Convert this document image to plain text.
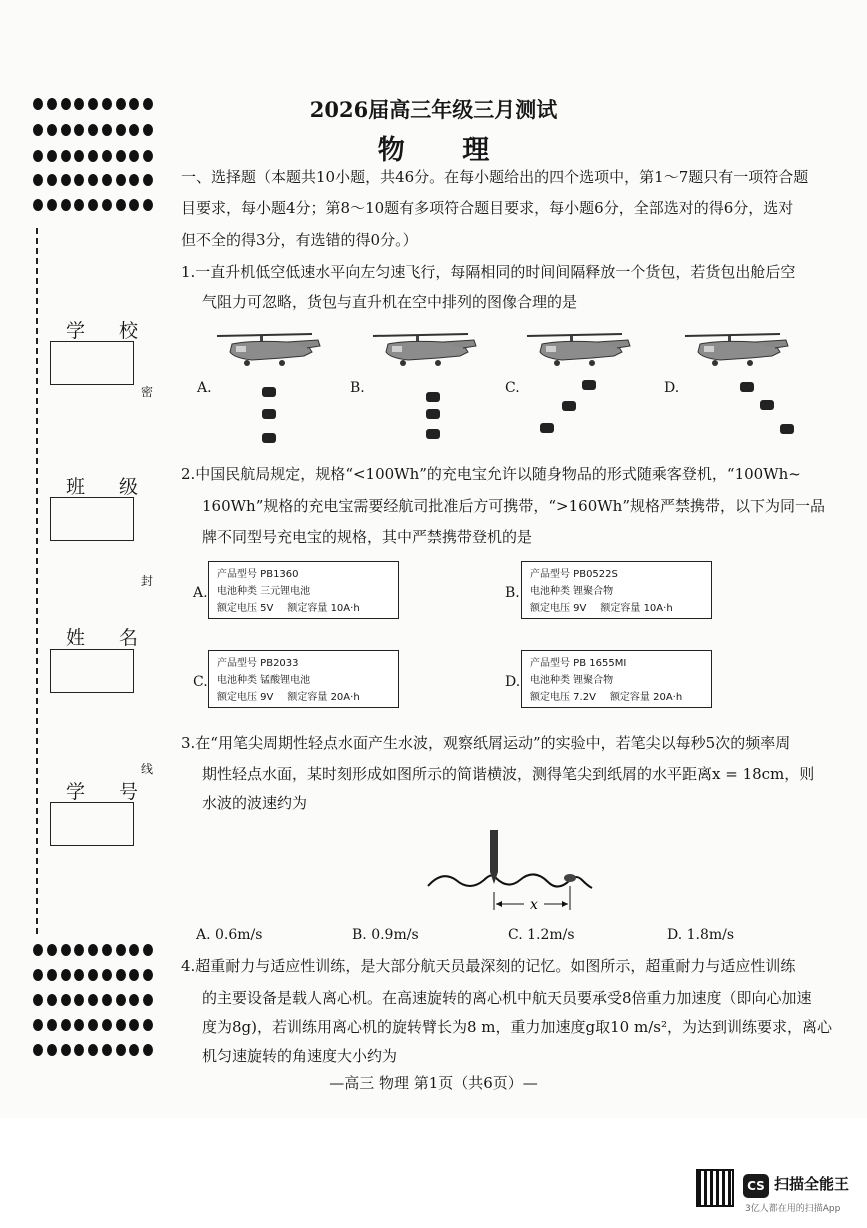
学 校
班 级
姓 名
学 号
密
封
线
2026届高三年级三月测试
物 理
一、选择题（本题共10小题，共46分。在每小题给出的四个选项中，第1～7题只有一项符合题
目要求，每小题4分；第8～10题有多项符合题目要求，每小题6分，全部选对的得6分，选对
但不全的得3分，有选错的得0分。）
1.一直升机低空低速水平向左匀速飞行，每隔相同的时间间隔释放一个货包，若货包出舱后空
气阻力可忽略，货包与直升机在空中排列的图像合理的是
A.	B.	C.	D.
2.中国民航局规定，规格“<100Wh”的充电宝允许以随身物品的形式随乘客登机，“100Wh~
160Wh”规格的充电宝需要经航司批准后方可携带，“>160Wh”规格严禁携带，以下为同一品
牌不同型号充电宝的规格，其中严禁携带登机的是
A.
产品型号 PB1360
电池种类 三元锂电池
额定电压 5V 额定容量 10A·h
B.
产品型号 PB0522S
电池种类 锂聚合物
额定电压 9V 额定容量 10A·h
C.
产品型号 PB2033
电池种类 锰酸锂电池
额定电压 9V 额定容量 20A·h
D.
产品型号 PB 1655MI
电池种类 锂聚合物
额定电压 7.2V 额定容量 20A·h
3.在“用笔尖周期性轻点水面产生水波，观察纸屑运动”的实验中，若笔尖以每秒5次的频率周
期性轻点水面，某时刻形成如图所示的简谐横波，测得笔尖到纸屑的水平距离x = 18cm，则
水波的波速约为
x
A. 0.6m/s	B. 0.9m/s	C. 1.2m/s	D. 1.8m/s
4.超重耐力与适应性训练，是大部分航天员最深刻的记忆。如图所示，超重耐力与适应性训练
的主要设备是载人离心机。在高速旋转的离心机中航天员要承受8倍重力加速度（即向心加速
度为8g)，若训练用离心机的旋转臂长为8 m，重力加速度g取10 m/s²，为达到训练要求，离心
机匀速旋转的角速度大小约为
—高三 物理 第1页（共6页）—
CS 扫描全能王
3亿人都在用的扫描App
